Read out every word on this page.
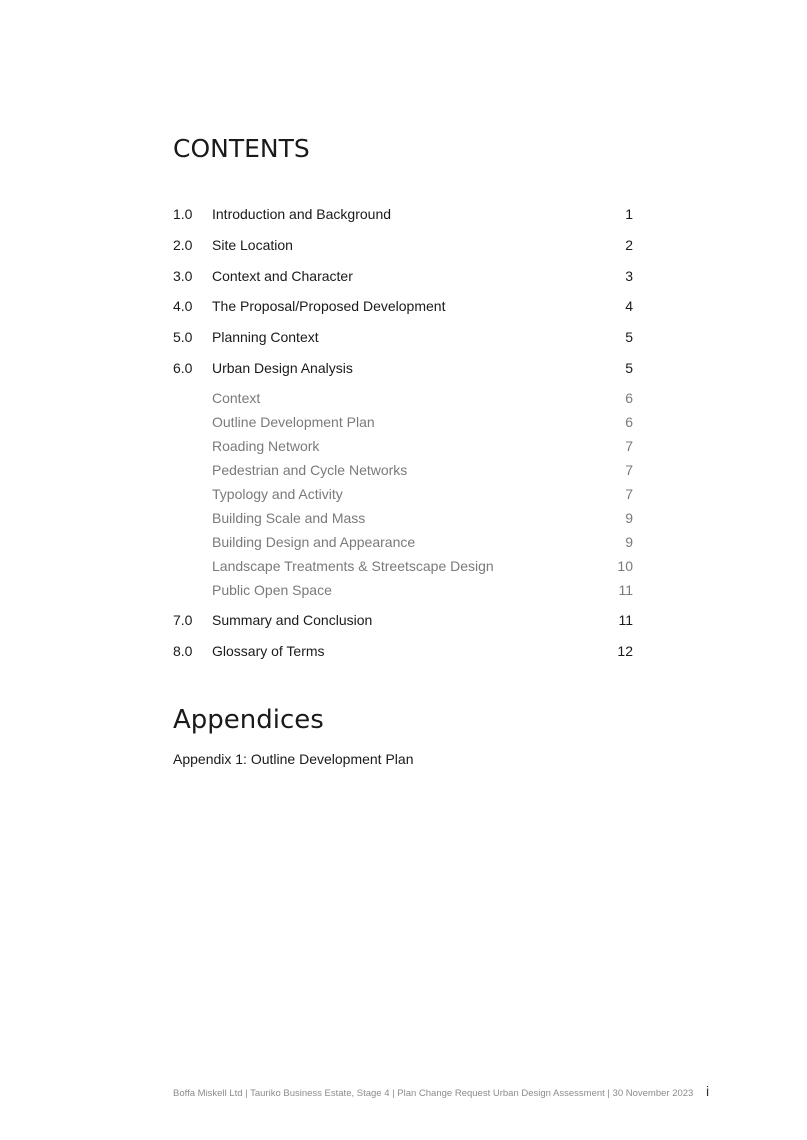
CONTENTS
1.0 Introduction and Background	1
2.0 Site Location	2
3.0 Context and Character	3
4.0 The Proposal/Proposed Development	4
5.0 Planning Context	5
6.0 Urban Design Analysis	5
Context	6
Outline Development Plan	6
Roading Network	7
Pedestrian and Cycle Networks	7
Typology and Activity	7
Building Scale and Mass	9
Building Design and Appearance	9
Landscape Treatments & Streetscape Design	10
Public Open Space	11
7.0 Summary and Conclusion	11
8.0 Glossary of Terms	12
Appendices
Appendix 1: Outline Development Plan
Boffa Miskell Ltd | Tauriko Business Estate, Stage 4 | Plan Change Request Urban Design Assessment | 30 November 2023 i
